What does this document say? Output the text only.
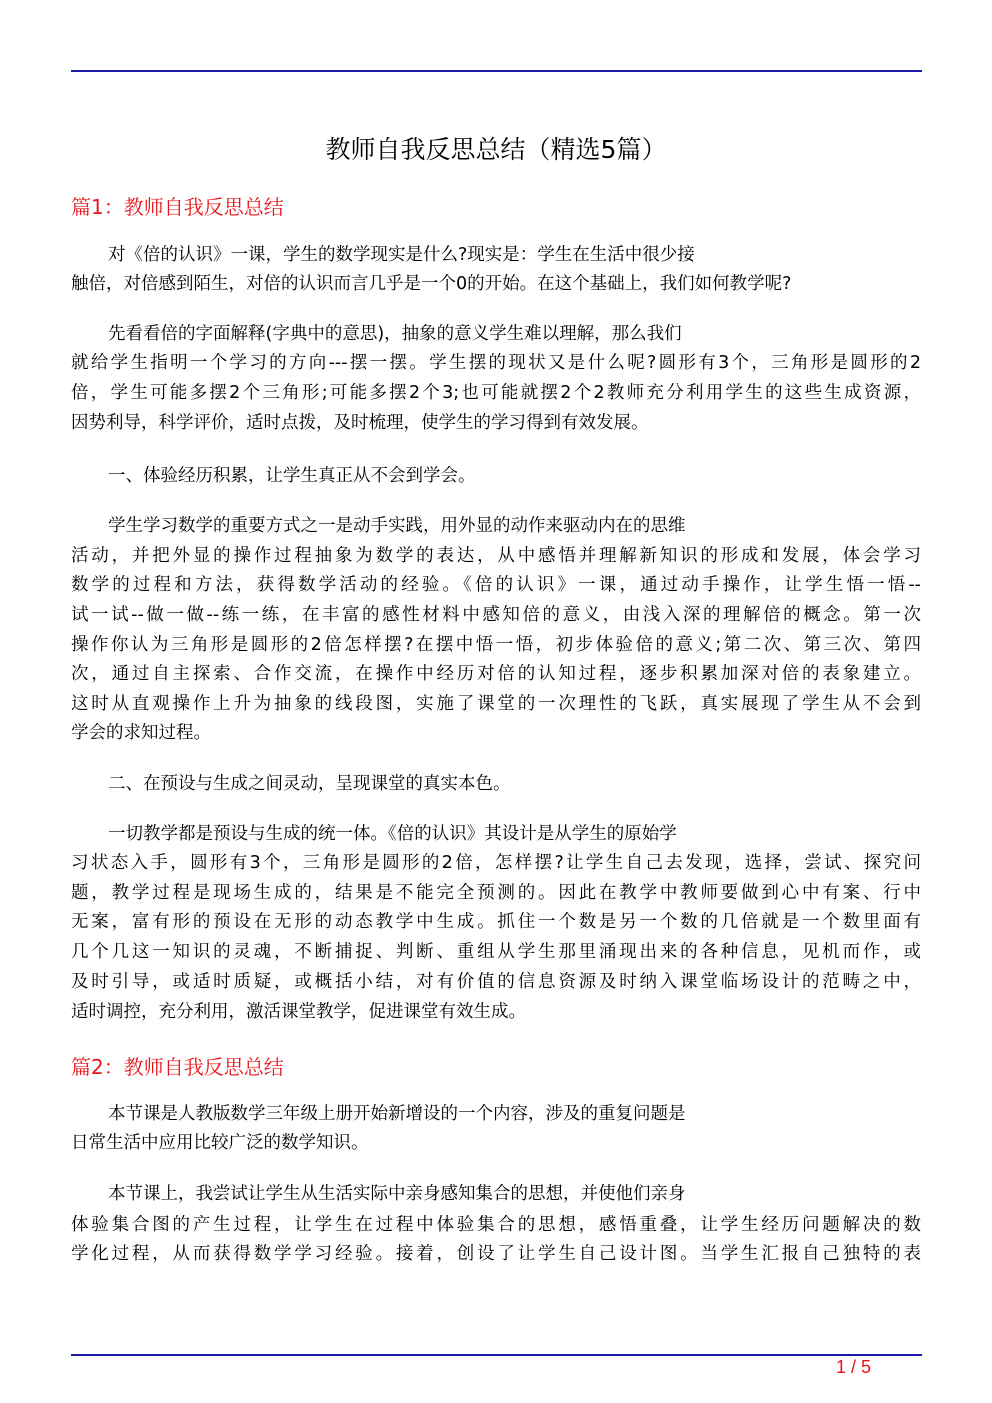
教师自我反思总结（精选5篇）
篇1：教师自我反思总结
对《倍的认识》一课，学生的数学现实是什么?现实是：学生在生活中很少接
触倍，对倍感到陌生，对倍的认识而言几乎是一个0的开始。在这个基础上，我们如何教学呢?
先看看倍的字面解释(字典中的意思)，抽象的意义学生难以理解，那么我们
就给学生指明一个学习的方向---摆一摆。学生摆的现状又是什么呢?圆形有3个，三角形是圆形的2
倍，学生可能多摆2个三角形;可能多摆2个3;也可能就摆2个2教师充分利用学生的这些生成资源，
因势利导，科学评价，适时点拨，及时梳理，使学生的学习得到有效发展。
一、体验经历积累，让学生真正从不会到学会。
学生学习数学的重要方式之一是动手实践，用外显的动作来驱动内在的思维
活动，并把外显的操作过程抽象为数学的表达，从中感悟并理解新知识的形成和发展，体会学习
数学的过程和方法，获得数学活动的经验。《倍的认识》一课，通过动手操作，让学生悟一悟--
试一试--做一做--练一练，在丰富的感性材料中感知倍的意义，由浅入深的理解倍的概念。第一次
操作你认为三角形是圆形的2倍怎样摆?在摆中悟一悟，初步体验倍的意义;第二次、第三次、第四
次，通过自主探索、合作交流，在操作中经历对倍的认知过程，逐步积累加深对倍的表象建立。
这时从直观操作上升为抽象的线段图，实施了课堂的一次理性的飞跃，真实展现了学生从不会到
学会的求知过程。
二、在预设与生成之间灵动，呈现课堂的真实本色。
一切教学都是预设与生成的统一体。《倍的认识》其设计是从学生的原始学
习状态入手，圆形有3个，三角形是圆形的2倍，怎样摆?让学生自己去发现，选择，尝试、探究问
题，教学过程是现场生成的，结果是不能完全预测的。因此在教学中教师要做到心中有案、行中
无案，富有形的预设在无形的动态教学中生成。抓住一个数是另一个数的几倍就是一个数里面有
几个几这一知识的灵魂，不断捕捉、判断、重组从学生那里涌现出来的各种信息，见机而作，或
及时引导，或适时质疑，或概括小结，对有价值的信息资源及时纳入课堂临场设计的范畴之中，
适时调控，充分利用，激活课堂教学，促进课堂有效生成。
篇2：教师自我反思总结
本节课是人教版数学三年级上册开始新增设的一个内容，涉及的重复问题是
日常生活中应用比较广泛的数学知识。
本节课上，我尝试让学生从生活实际中亲身感知集合的思想，并使他们亲身
体验集合图的产生过程，让学生在过程中体验集合的思想，感悟重叠，让学生经历问题解决的数
学化过程，从而获得数学学习经验。接着，创设了让学生自己设计图。当学生汇报自己独特的表
1 / 5
